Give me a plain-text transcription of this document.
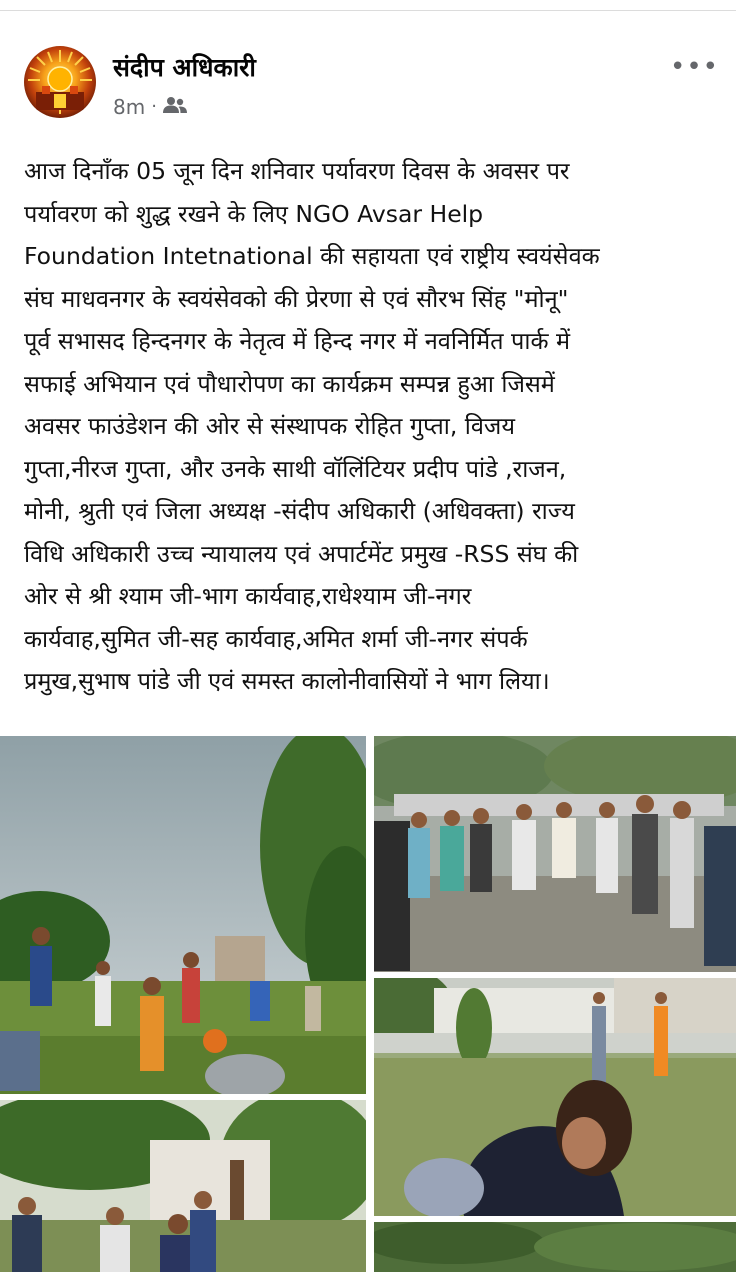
संदीप अधिकारी
8m ·
•••
आज दिनाँक 05 जून दिन शनिवार पर्यावरण दिवस के अवसर पर
पर्यावरण को शुद्ध रखने के लिए NGO Avsar Help
Foundation Intetnational की सहायता एवं राष्ट्रीय स्वयंसेवक
संघ माधवनगर के स्वयंसेवको की प्रेरणा से एवं सौरभ सिंह "मोनू"
पूर्व सभासद हिन्दनगर के नेतृत्व में हिन्द नगर में नवनिर्मित पार्क में
सफाई अभियान एवं पौधारोपण का कार्यक्रम सम्पन्न हुआ जिसमें
अवसर फाउंडेशन की ओर से संस्थापक रोहित गुप्ता, विजय
गुप्ता,नीरज गुप्ता, और उनके साथी वॉलिंटियर प्रदीप पांडे ,राजन,
मोनी, श्रुती एवं जिला अध्यक्ष -संदीप अधिकारी (अधिवक्ता) राज्य
विधि अधिकारी उच्च न्यायालय एवं अपार्टमेंट प्रमुख -RSS संघ की
ओर से श्री श्याम जी-भाग कार्यवाह,राधेश्याम जी-नगर
कार्यवाह,सुमित जी-सह कार्यवाह,अमित शर्मा जी-नगर संपर्क
प्रमुख,सुभाष पांडे जी एवं समस्त कालोनीवासियों ने भाग लिया।
